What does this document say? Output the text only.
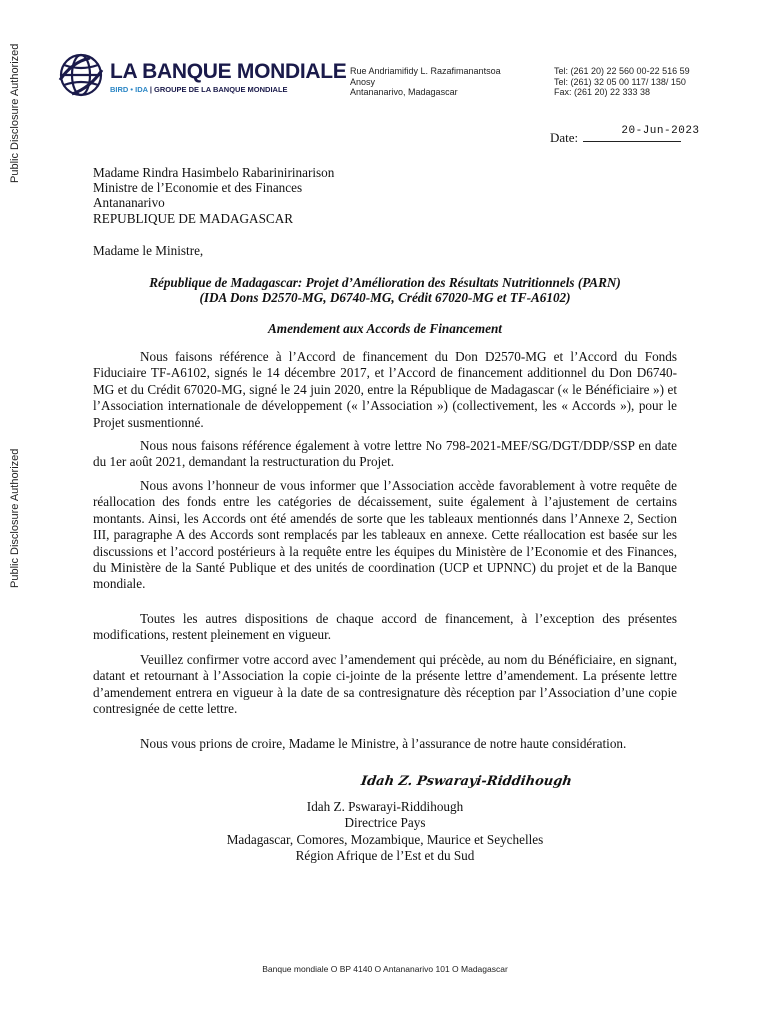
Public Disclosure Authorized
Public Disclosure Authorized
LA BANQUE MONDIALE
BIRD • IDA | GROUPE DE LA BANQUE MONDIALE
Rue Andriamifidy L. Razafimanantsoa
Anosy
Antananarivo, Madagascar
Tel: (261 20) 22 560 00-22 516 59
Tel: (261) 32 05 00 117/ 138/ 150
Fax: (261 20) 22 333 38
Date:	20-Jun-2023
Madame Rindra Hasimbelo Rabarinirinarison
Ministre de l’Economie et des Finances
Antananarivo
REPUBLIQUE DE MADAGASCAR
Madame le Ministre,
République de Madagascar: Projet d’Amélioration des Résultats Nutritionnels (PARN)
(IDA Dons D2570-MG, D6740-MG, Crédit 67020-MG et TF-A6102)
Amendement aux Accords de Financement
Nous faisons référence à l’Accord de financement du Don D2570-MG et l’Accord du Fonds Fiduciaire TF-A6102, signés le 14 décembre 2017, et l’Accord de financement additionnel du Don D6740-MG et du Crédit 67020-MG, signé le 24 juin 2020, entre la République de Madagascar (« le Bénéficiaire ») et l’Association internationale de développement (« l’Association ») (collectivement, les « Accords »), pour le Projet susmentionné.
Nous nous faisons référence également à votre lettre No 798-2021-MEF/SG/DGT/DDP/SSP en date du 1er août 2021, demandant la restructuration du Projet.
Nous avons l’honneur de vous informer que l’Association accède favorablement à votre requête de réallocation des fonds entre les catégories de décaissement, suite également à l’ajustement de certains montants. Ainsi, les Accords ont été amendés de sorte que les tableaux mentionnés dans l’Annexe 2, Section III, paragraphe A des Accords sont remplacés par les tableaux en annexe. Cette réallocation est basée sur les discussions et l’accord postérieurs à la requête entre les équipes du Ministère de l’Economie et des Finances, du Ministère de la Santé Publique et des unités de coordination (UCP et UPNNC) du projet et de la Banque mondiale.
Toutes les autres dispositions de chaque accord de financement, à l’exception des présentes modifications, restent pleinement en vigueur.
Veuillez confirmer votre accord avec l’amendement qui précède, au nom du Bénéficiaire, en signant, datant et retournant à l’Association la copie ci-jointe de la présente lettre d’amendement. La présente lettre d’amendement entrera en vigueur à la date de sa contresignature dès réception par l’Association d’une copie contresignée de cette lettre.
Nous vous prions de croire, Madame le Ministre, à l’assurance de notre haute considération.
Idah Z. Pswarayi-Riddihough
Idah Z. Pswarayi-Riddihough
Directrice Pays
Madagascar, Comores, Mozambique, Maurice et Seychelles
Région Afrique de l’Est et du Sud
Banque mondiale O BP 4140 O Antananarivo 101 O Madagascar
